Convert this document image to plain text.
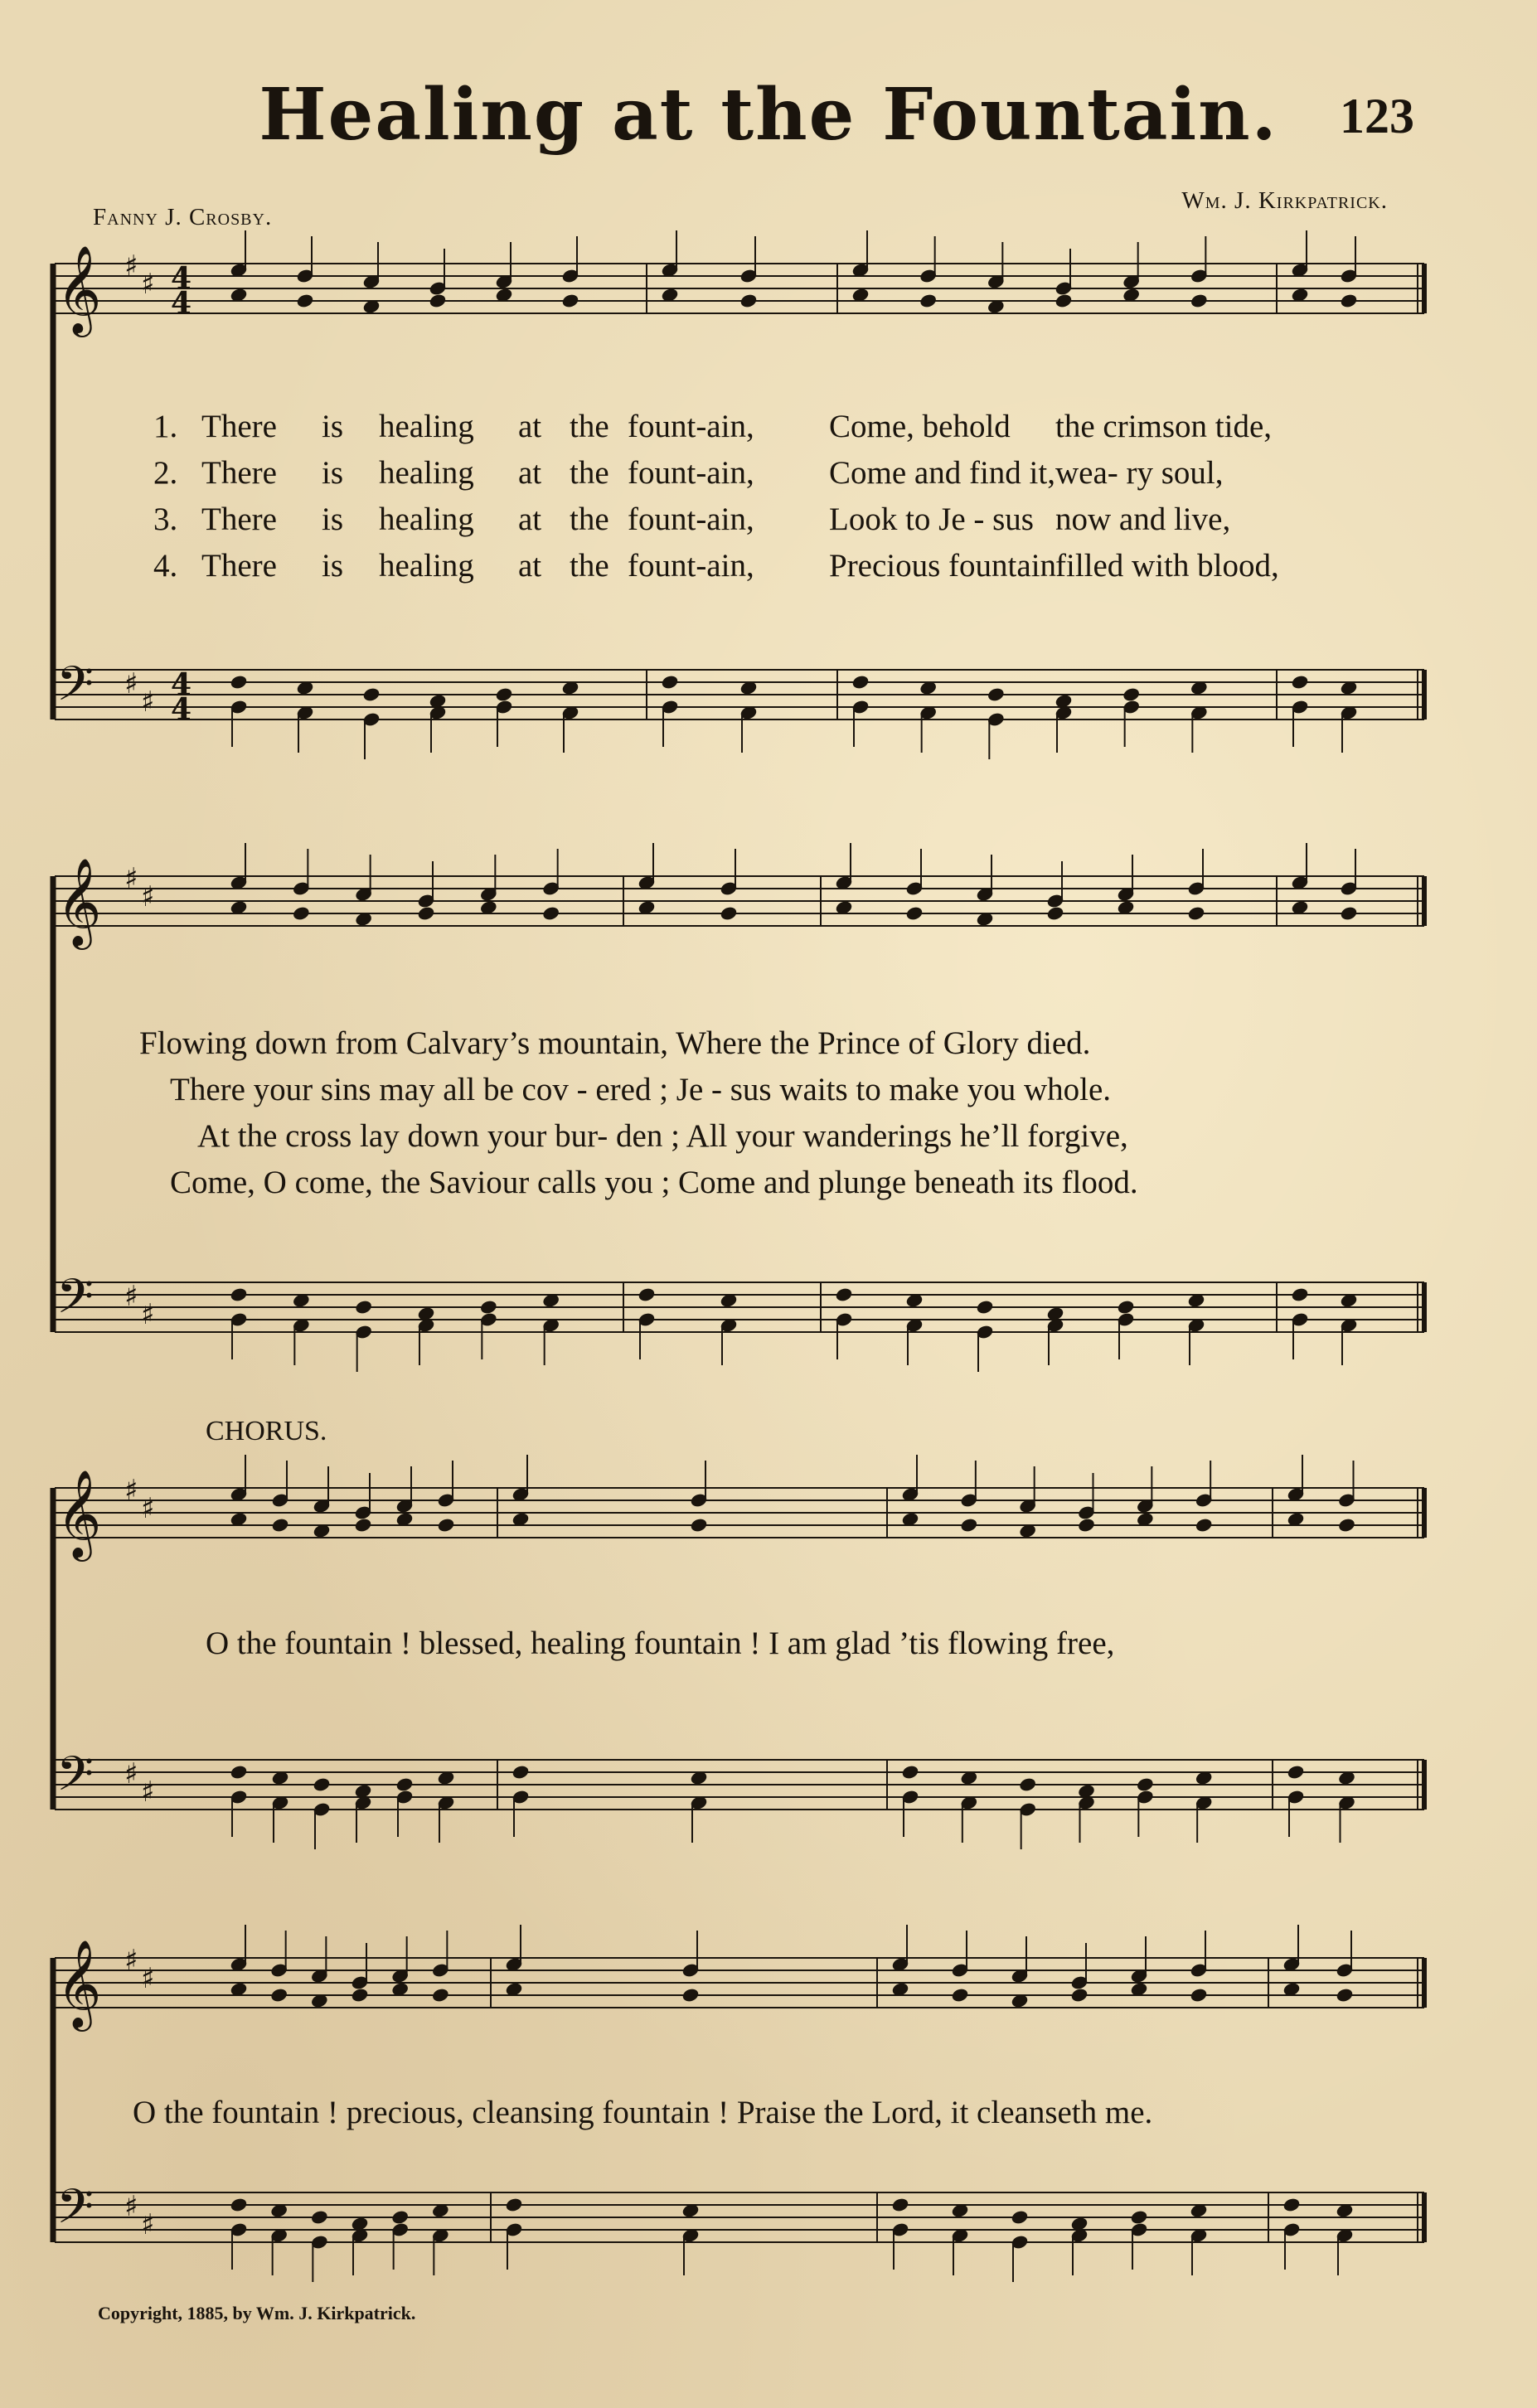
Healing at the Fountain.	123
Fanny J. Crosby.
Wm. J. Kirkpatrick.
𝄞 ♯
♯
𝄢 ♯
♯
4
4
4
4
𝄞 ♯
♯
𝄢 ♯
♯
𝄞 ♯
♯
𝄢 ♯
♯
𝄞 ♯
♯
𝄢 ♯
♯
1. There is healing at the fount-ain, Come, behold the crimson tide,
2. There is healing at the fount-ain, Come and find it, wea- ry soul,
3. There is healing at the fount-ain, Look to Je - sus now and live,
4. There is healing at the fount-ain, Precious fountain
filled with blood,
Flowing down from Calvary’s mountain, Where the Prince of Glory died.
There your sins may all be cov - ered ; Je - sus waits to make you whole.
At the cross lay down your bur- den ; All your wanderings he’ll forgive,
Come, O come, the Saviour calls you ; Come and plunge beneath its flood.
CHORUS.
O the fountain ! blessed, healing fountain ! I am glad ’tis flowing free,
O the fountain ! precious, cleansing fountain ! Praise the Lord, it cleanseth me.
Copyright, 1885, by Wm. J. Kirkpatrick.
